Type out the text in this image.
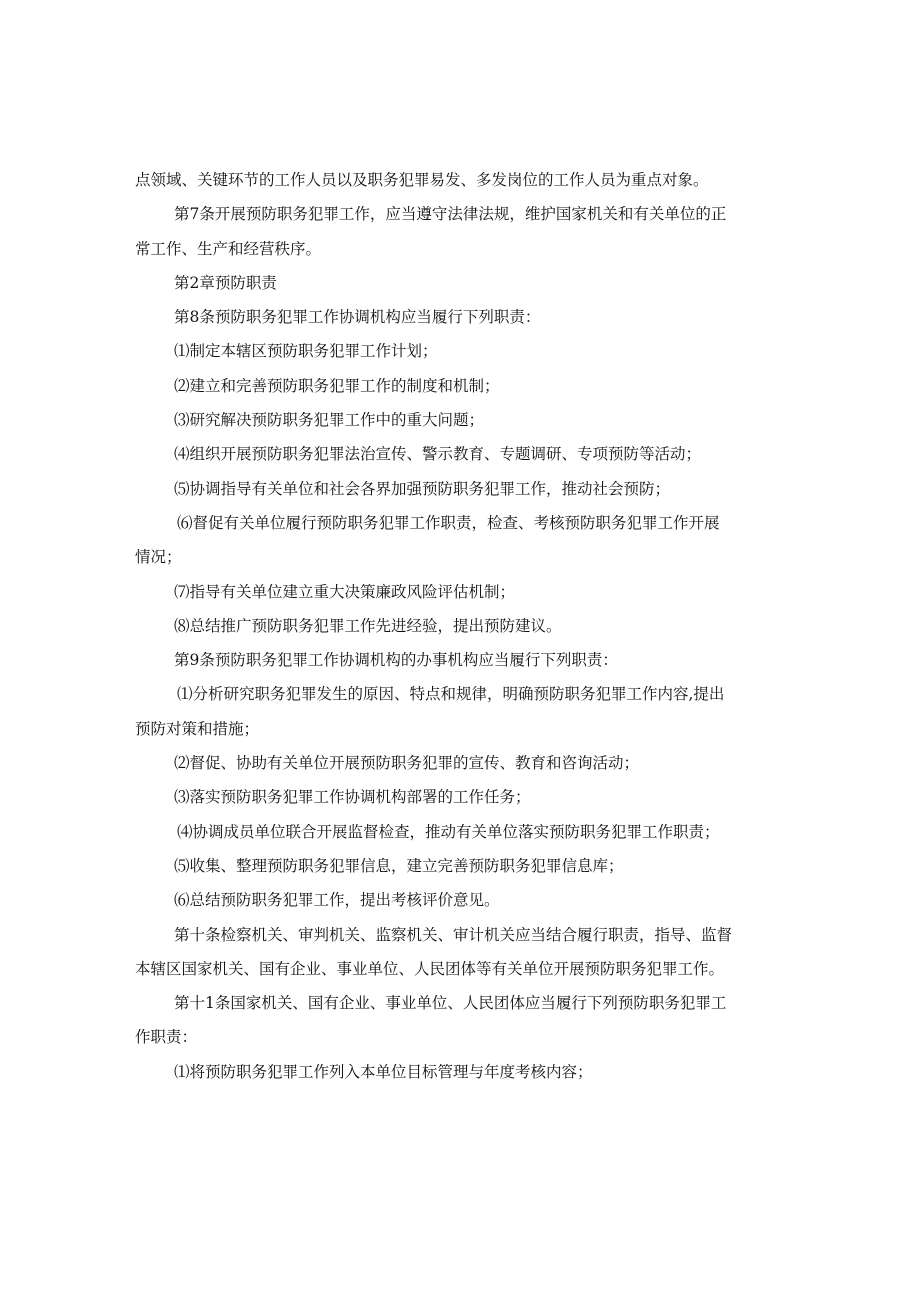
点领域、关键环节的工作人员以及职务犯罪易发、多发岗位的工作人员为重点对象。
第7条开展预防职务犯罪工作，应当遵守法律法规，维护国家机关和有关单位的正
常工作、生产和经营秩序。
第2章预防职责
第8条预防职务犯罪工作协调机构应当履行下列职责：
⑴制定本辖区预防职务犯罪工作计划；
⑵建立和完善预防职务犯罪工作的制度和机制；
⑶研究解决预防职务犯罪工作中的重大问题；
⑷组织开展预防职务犯罪法治宣传、警示教育、专题调研、专项预防等活动；
⑸协调指导有关单位和社会各界加强预防职务犯罪工作，推动社会预防；
⑹督促有关单位履行预防职务犯罪工作职责，检查、考核预防职务犯罪工作开展
情况；
⑺指导有关单位建立重大决策廉政风险评估机制；
⑻总结推广预防职务犯罪工作先进经验，提出预防建议。
第9条预防职务犯罪工作协调机构的办事机构应当履行下列职责：
⑴分析研究职务犯罪发生的原因、特点和规律，明确预防职务犯罪工作内容,提出
预防对策和措施；
⑵督促、协助有关单位开展预防职务犯罪的宣传、教育和咨询活动；
⑶落实预防职务犯罪工作协调机构部署的工作任务；
⑷协调成员单位联合开展监督检查，推动有关单位落实预防职务犯罪工作职责；
⑸收集、整理预防职务犯罪信息，建立完善预防职务犯罪信息库；
⑹总结预防职务犯罪工作，提出考核评价意见。
第十条检察机关、审判机关、监察机关、审计机关应当结合履行职责，指导、监督
本辖区国家机关、国有企业、事业单位、人民团体等有关单位开展预防职务犯罪工作。
第十1条国家机关、国有企业、事业单位、人民团体应当履行下列预防职务犯罪工
作职责：
⑴将预防职务犯罪工作列入本单位目标管理与年度考核内容；
